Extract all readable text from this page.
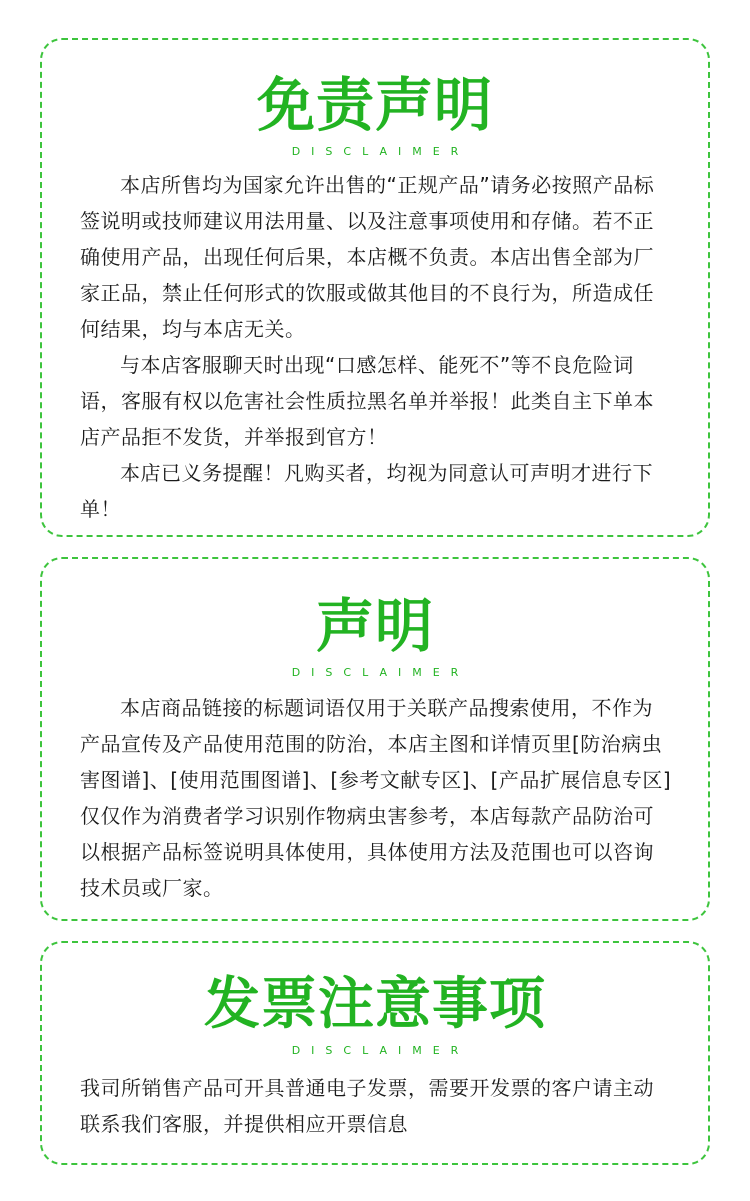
免责声明
DISCLAIMER

本店所售均为国家允许出售的“正规产品”请务必按照产品标签说明或技师建议用法用量、以及注意事项使用和存储。若不正确使用产品，出现任何后果，本店概不负责。本店出售全部为厂家正品，禁止任何形式的饮服或做其他目的不良行为，所造成任何结果，均与本店无关。

与本店客服聊天时出现“口感怎样、能死不”等不良危险词语，客服有权以危害社会性质拉黑名单并举报！此类自主下单本店产品拒不发货，并举报到官方！

本店已义务提醒！凡购买者，均视为同意认可声明才进行下单！

声明
DISCLAIMER

本店商品链接的标题词语仅用于关联产品搜索使用，不作为产品宣传及产品使用范围的防治，本店主图和详情页里[防治病虫害图谱]、[使用范围图谱]、[参考文献专区]、[产品扩展信息专区]仅仅作为消费者学习识别作物病虫害参考，本店每款产品防治可以根据产品标签说明具体使用，具体使用方法及范围也可以咨询技术员或厂家。

发票注意事项
DISCLAIMER

我司所销售产品可开具普通电子发票，需要开发票的客户请主动联系我们客服，并提供相应开票信息
